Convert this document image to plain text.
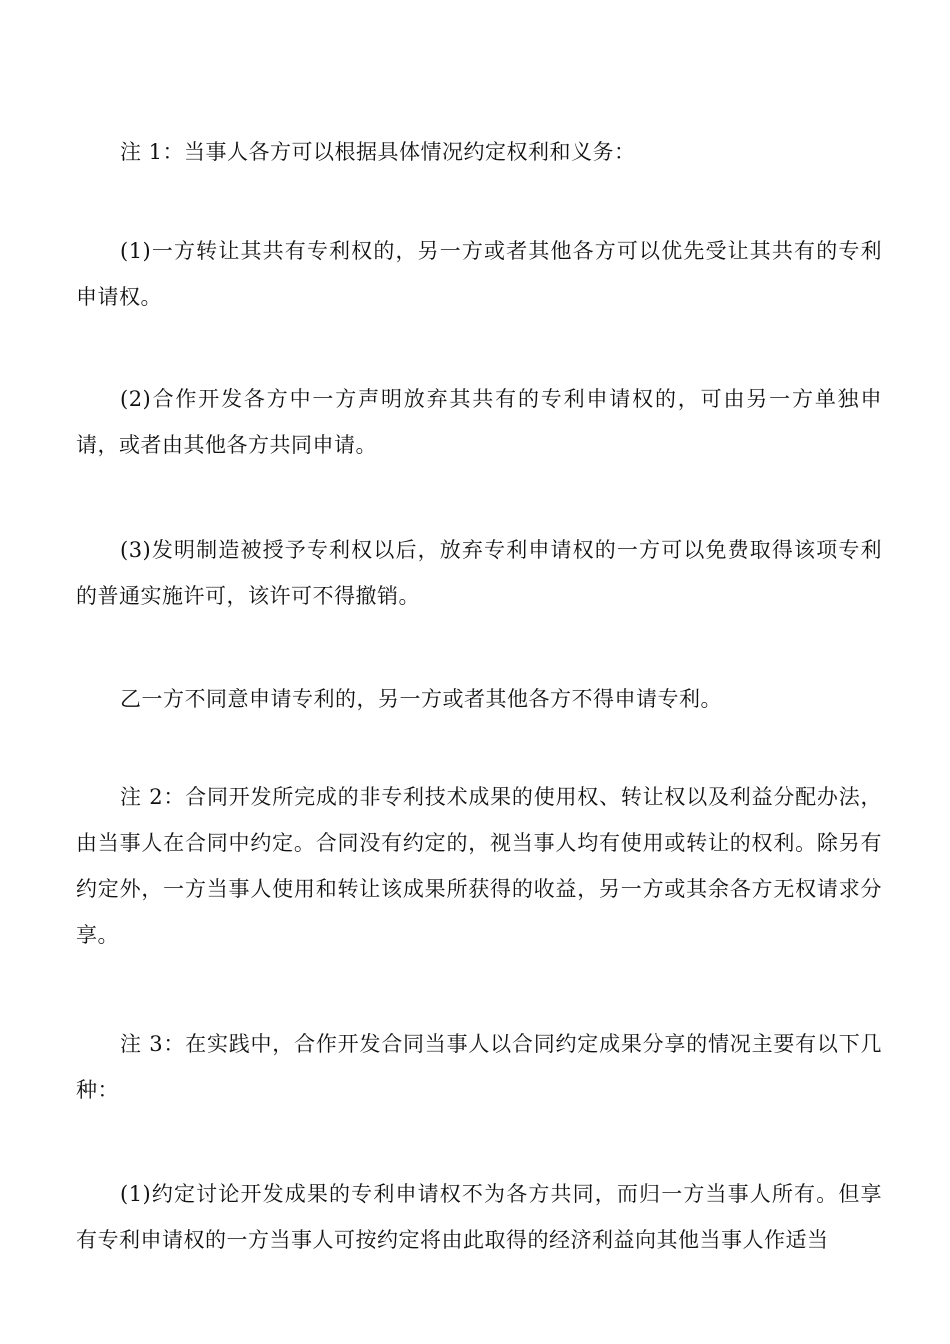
注 1：当事人各方可以根据具体情况约定权利和义务：

(1)一方转让其共有专利权的，另一方或者其他各方可以优先受让其共有的专利申请权。

(2)合作开发各方中一方声明放弃其共有的专利申请权的，可由另一方单独申请，或者由其他各方共同申请。

(3)发明制造被授予专利权以后，放弃专利申请权的一方可以免费取得该项专利的普通实施许可，该许可不得撤销。

乙一方不同意申请专利的，另一方或者其他各方不得申请专利。

注 2：合同开发所完成的非专利技术成果的使用权、转让权以及利益分配办法，由当事人在合同中约定。合同没有约定的，视当事人均有使用或转让的权利。除另有约定外，一方当事人使用和转让该成果所获得的收益，另一方或其余各方无权请求分享。

注 3：在实践中，合作开发合同当事人以合同约定成果分享的情况主要有以下几种：

(1)约定讨论开发成果的专利申请权不为各方共同，而归一方当事人所有。但享有专利申请权的一方当事人可按约定将由此取得的经济利益向其他当事人作适当
